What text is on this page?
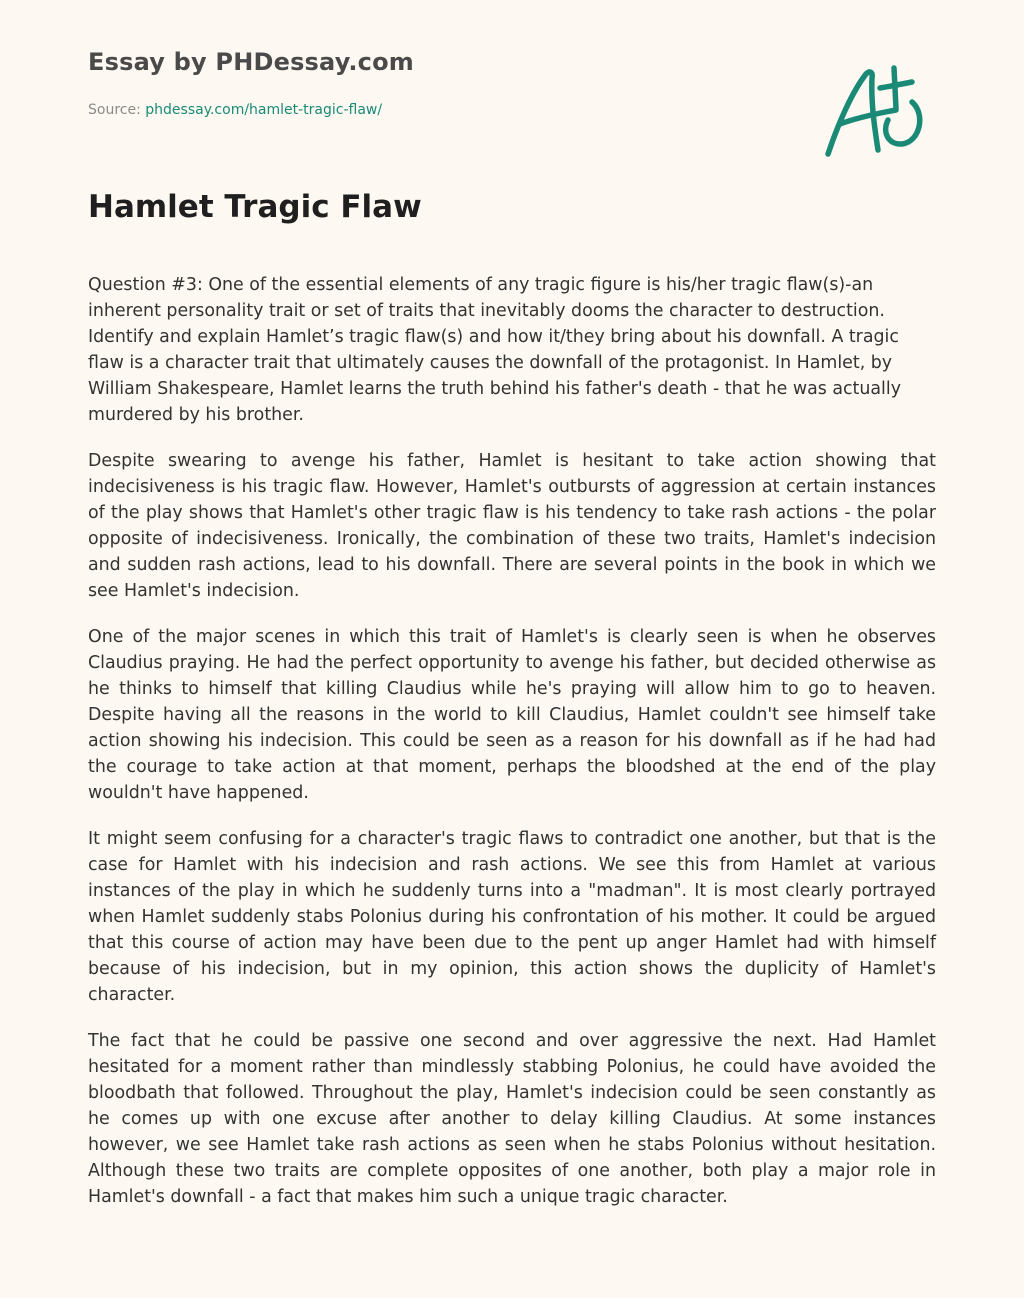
Essay by PHDessay.com
Source: phdessay.com/hamlet-tragic-flaw/
Hamlet Tragic Flaw

Question #3: One of the essential elements of any tragic figure is his/her tragic flaw(s)-an inherent personality trait or set of traits that inevitably dooms the character to destruction. Identify and explain Hamlet’s tragic flaw(s) and how it/they bring about his downfall. A tragic flaw is a character trait that ultimately causes the downfall of the protagonist. In Hamlet, by William Shakespeare, Hamlet learns the truth behind his father's death - that he was actually murdered by his brother.

Despite swearing to avenge his father, Hamlet is hesitant to take action showing that indecisiveness is his tragic flaw. However, Hamlet's outbursts of aggression at certain instances of the play shows that Hamlet's other tragic flaw is his tendency to take rash actions - the polar opposite of indecisiveness. Ironically, the combination of these two traits, Hamlet's indecision and sudden rash actions, lead to his downfall. There are several points in the book in which we see Hamlet's indecision.

One of the major scenes in which this trait of Hamlet's is clearly seen is when he observes Claudius praying. He had the perfect opportunity to avenge his father, but decided otherwise as he thinks to himself that killing Claudius while he's praying will allow him to go to heaven. Despite having all the reasons in the world to kill Claudius, Hamlet couldn't see himself take action showing his indecision. This could be seen as a reason for his downfall as if he had had the courage to take action at that moment, perhaps the bloodshed at the end of the play wouldn't have happened.

It might seem confusing for a character's tragic flaws to contradict one another, but that is the case for Hamlet with his indecision and rash actions. We see this from Hamlet at various instances of the play in which he suddenly turns into a "madman". It is most clearly portrayed when Hamlet suddenly stabs Polonius during his confrontation of his mother. It could be argued that this course of action may have been due to the pent up anger Hamlet had with himself because of his indecision, but in my opinion, this action shows the duplicity of Hamlet's character.

The fact that he could be passive one second and over aggressive the next. Had Hamlet hesitated for a moment rather than mindlessly stabbing Polonius, he could have avoided the bloodbath that followed. Throughout the play, Hamlet's indecision could be seen constantly as he comes up with one excuse after another to delay killing Claudius. At some instances however, we see Hamlet take rash actions as seen when he stabs Polonius without hesitation. Although these two traits are complete opposites of one another, both play a major role in Hamlet's downfall - a fact that makes him such a unique tragic character.
